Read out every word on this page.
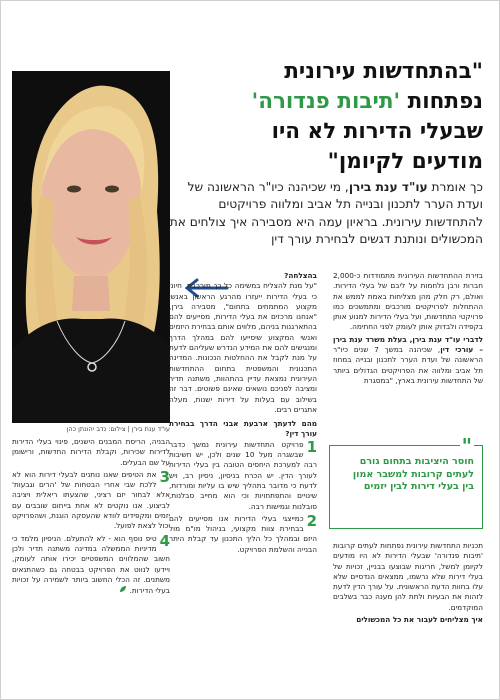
"בהתחדשות עירונית
נפתחות 'תיבות פנדורה'
שבעלי הדירות לא היו
מודעים לקיומן"
כך אומרת עו"ד ענת בירן, מי שכיהנה כיו"ר הראשונה של ועדת הערר לתכנון ובנייה תל אביב ומלווה פרויקטים להתחדשות עירונית. בראיון עמה היא מסבירה איך צולחים את המכשולים ונותנת דגשים לבחירת עורך דין
עו"ד ענת בירן | צילום: נדב יהונתן כהן

בזירת ההתחדשות העירונית מתמודדות כ-2,000 חברות ורבן נלחמות על ליבם של בעלי הדירות. ואולם, רק חלק מהן מצליחות באמת לממש את ההתחלות לפרויקטים מורכבים ומתמשכים כמו פרויקטי התחדשות, ועל בעלי הדירות למנוע אותן בקפידה ולבדוק אותן לעומק לפני החתימה.

לדברי עו"ד ענת בירן, בעלת משרד ענת בירן – עורכי דין, שכיהנה במשך 7 שנים כיו"ר הראשונה של ועדת הערר לתכנון ובנייה במחוז תל אביב ומלווה את הפרויקטים הגדולים ביותר של התחדשות עירונית בארץ, "במסגרת

"
חוסר היציבות בתחום גורם לעתים קרובות למשבר אמון בין בעלי דירות לבין יזמים

תכניות התחדשות עירונית נפתחות לעתים קרובות 'תיבות פנדורה' שבעלי הדירות לא היו מודעים לקיומן למשל, חריגות שבוצעו בבניין, זכויות של בעלי דירות שלא נרשמו, ממצאים הנדסיים שלא עלו בחוות הדעת הראשונית. על עורך הדין לדעת לזהות את הבעיות ולתת להן מענה כבר בשלבים המוקדמים.

איך מצליחים לעבור את כל המכשולים

בהצלחה?

"על מנת להצליח במשימה כל כך מורכבת, חיוני כי בעלי הדירות ייעזרו מהרגע הראשון באנשי מקצוע המתמחים בתחום", מסבירה בירן, "אנחנו מרכזים את בעלי הדירות, מסייעים להם בהתארגנות בניהם, מלווים אותם בבחירת היזמים ואנשי המקצוע שיסייעו להם במהלך הדרך ומנגישים להם את המידע הנדרש שעליהם לדעת על מנת לקבל את ההחלטות הנכונות. המדינה התכנונית והמשפטית בתחום ההתחדשות העירונית נמצאת עדיין בהתהוות, משתנה תדיר ומציבה לפניכם נושאים שאינם פשוטים. דבר זה בשילוב עם בעלות על דירות ישנות, מעלה אתגרים רבים.

מהם לדעתך ארבעת אבני הדרך בבחירת עורך דין?

1
פרויקט התחדשות עירונית נמשך כדבר שבשגרה מעל 10 שנים ולכן, יש חשיבות רבה למערכת היחסים הטובה בין בעלי הדירות לעורך הדין. יש הכרח בניסיון, ניסיון רב, ויש לדעת כי מדובר בתהליך שיש בו עליות ומורדות, שינויים והתפתחויות וכי הוא מחייב סבלנות, סובלנות וגמישות רבה.

2
כמייצגי בעלי הדירות אנו מסייעים להם בבחירת צוות מקצועי, בניהול מו"מ מול היזם ובמהלך כל הליך התכנון עד קבלת היתר הבנייה והשלמת הפרויקט.

הבניה, הריסת המבנים הישנים, פינוי בעלי הדירות לדירות שכירות, וקבלת הדירות החדשות, ורישומן על שם הבעלים.

3
את הטיפים שאנו נותנים לבעלי דירות הוא לא ללכת שבי אחרי הבטחות של 'הרים וגבעות' אלא לבחור יזם רציני, שהצעתו ריאלית ויציבה לביצוע. אנו נוקטים לא אחת בייחום שובבים עם יזמים ומקפידים לוודא שהעסקה הוגנת, ושהפרויקט יכול לצאת לפועל.

4
טיפ נוסף הוא - לא להתעלם. הניסיון מלמד כי מדיניות הממשלה במדינה משתנה תדיר ולכן חשוב שהמלווים המשפטיים יכירו אותה לעומק, ויידעו לנווט את הפרויקט בבטחה גם כשהתנאים משתנים. זה הכלי החשוב ביותר לשמירה על זכויות בעלי הדירות.
